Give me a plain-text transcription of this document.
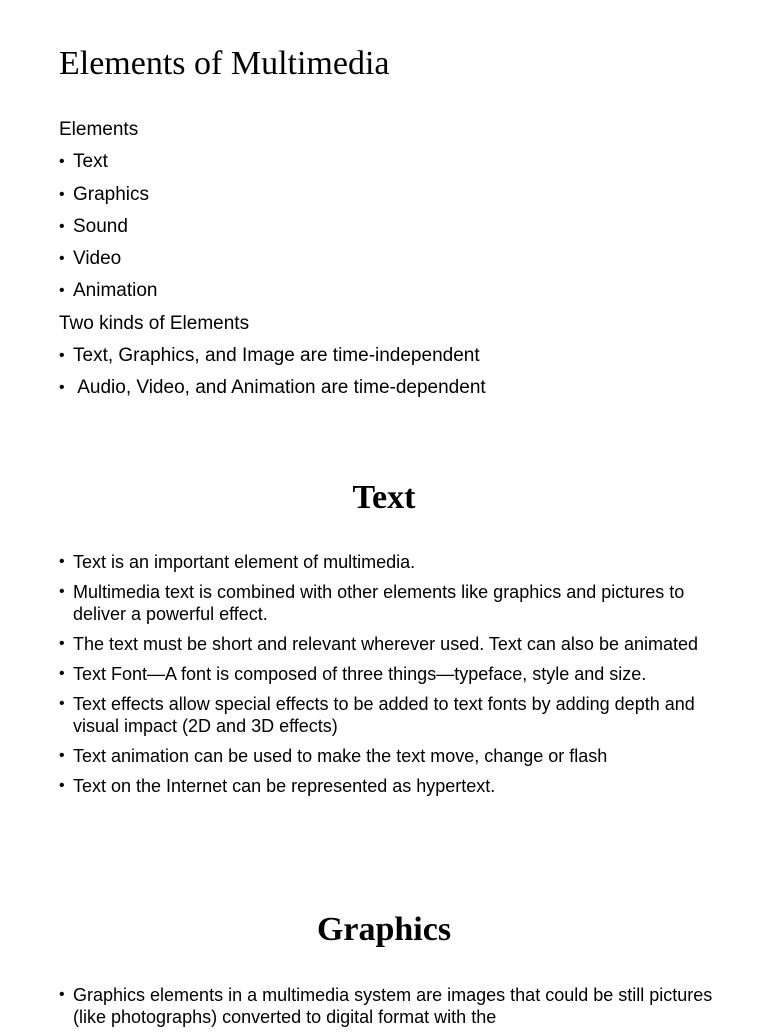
Elements of Multimedia
Elements
• Text
• Graphics
• Sound
• Video
• Animation
Two kinds of Elements
• Text, Graphics, and Image are time-independent
• Audio, Video, and Animation are time-dependent
Text
• Text is an important element of multimedia.
• Multimedia text is combined with other elements like graphics and pictures to deliver a powerful effect.
• The text must be short and relevant wherever used. Text can also be animated
• Text Font—A font is composed of three things—typeface, style and size.
• Text effects allow special effects to be added to text fonts by adding depth and visual impact (2D and 3D effects)
• Text animation can be used to make the text move, change or flash
• Text on the Internet can be represented as hypertext.
Graphics
• Graphics elements in a multimedia system are images that could be still pictures (like photographs) converted to digital format with the
